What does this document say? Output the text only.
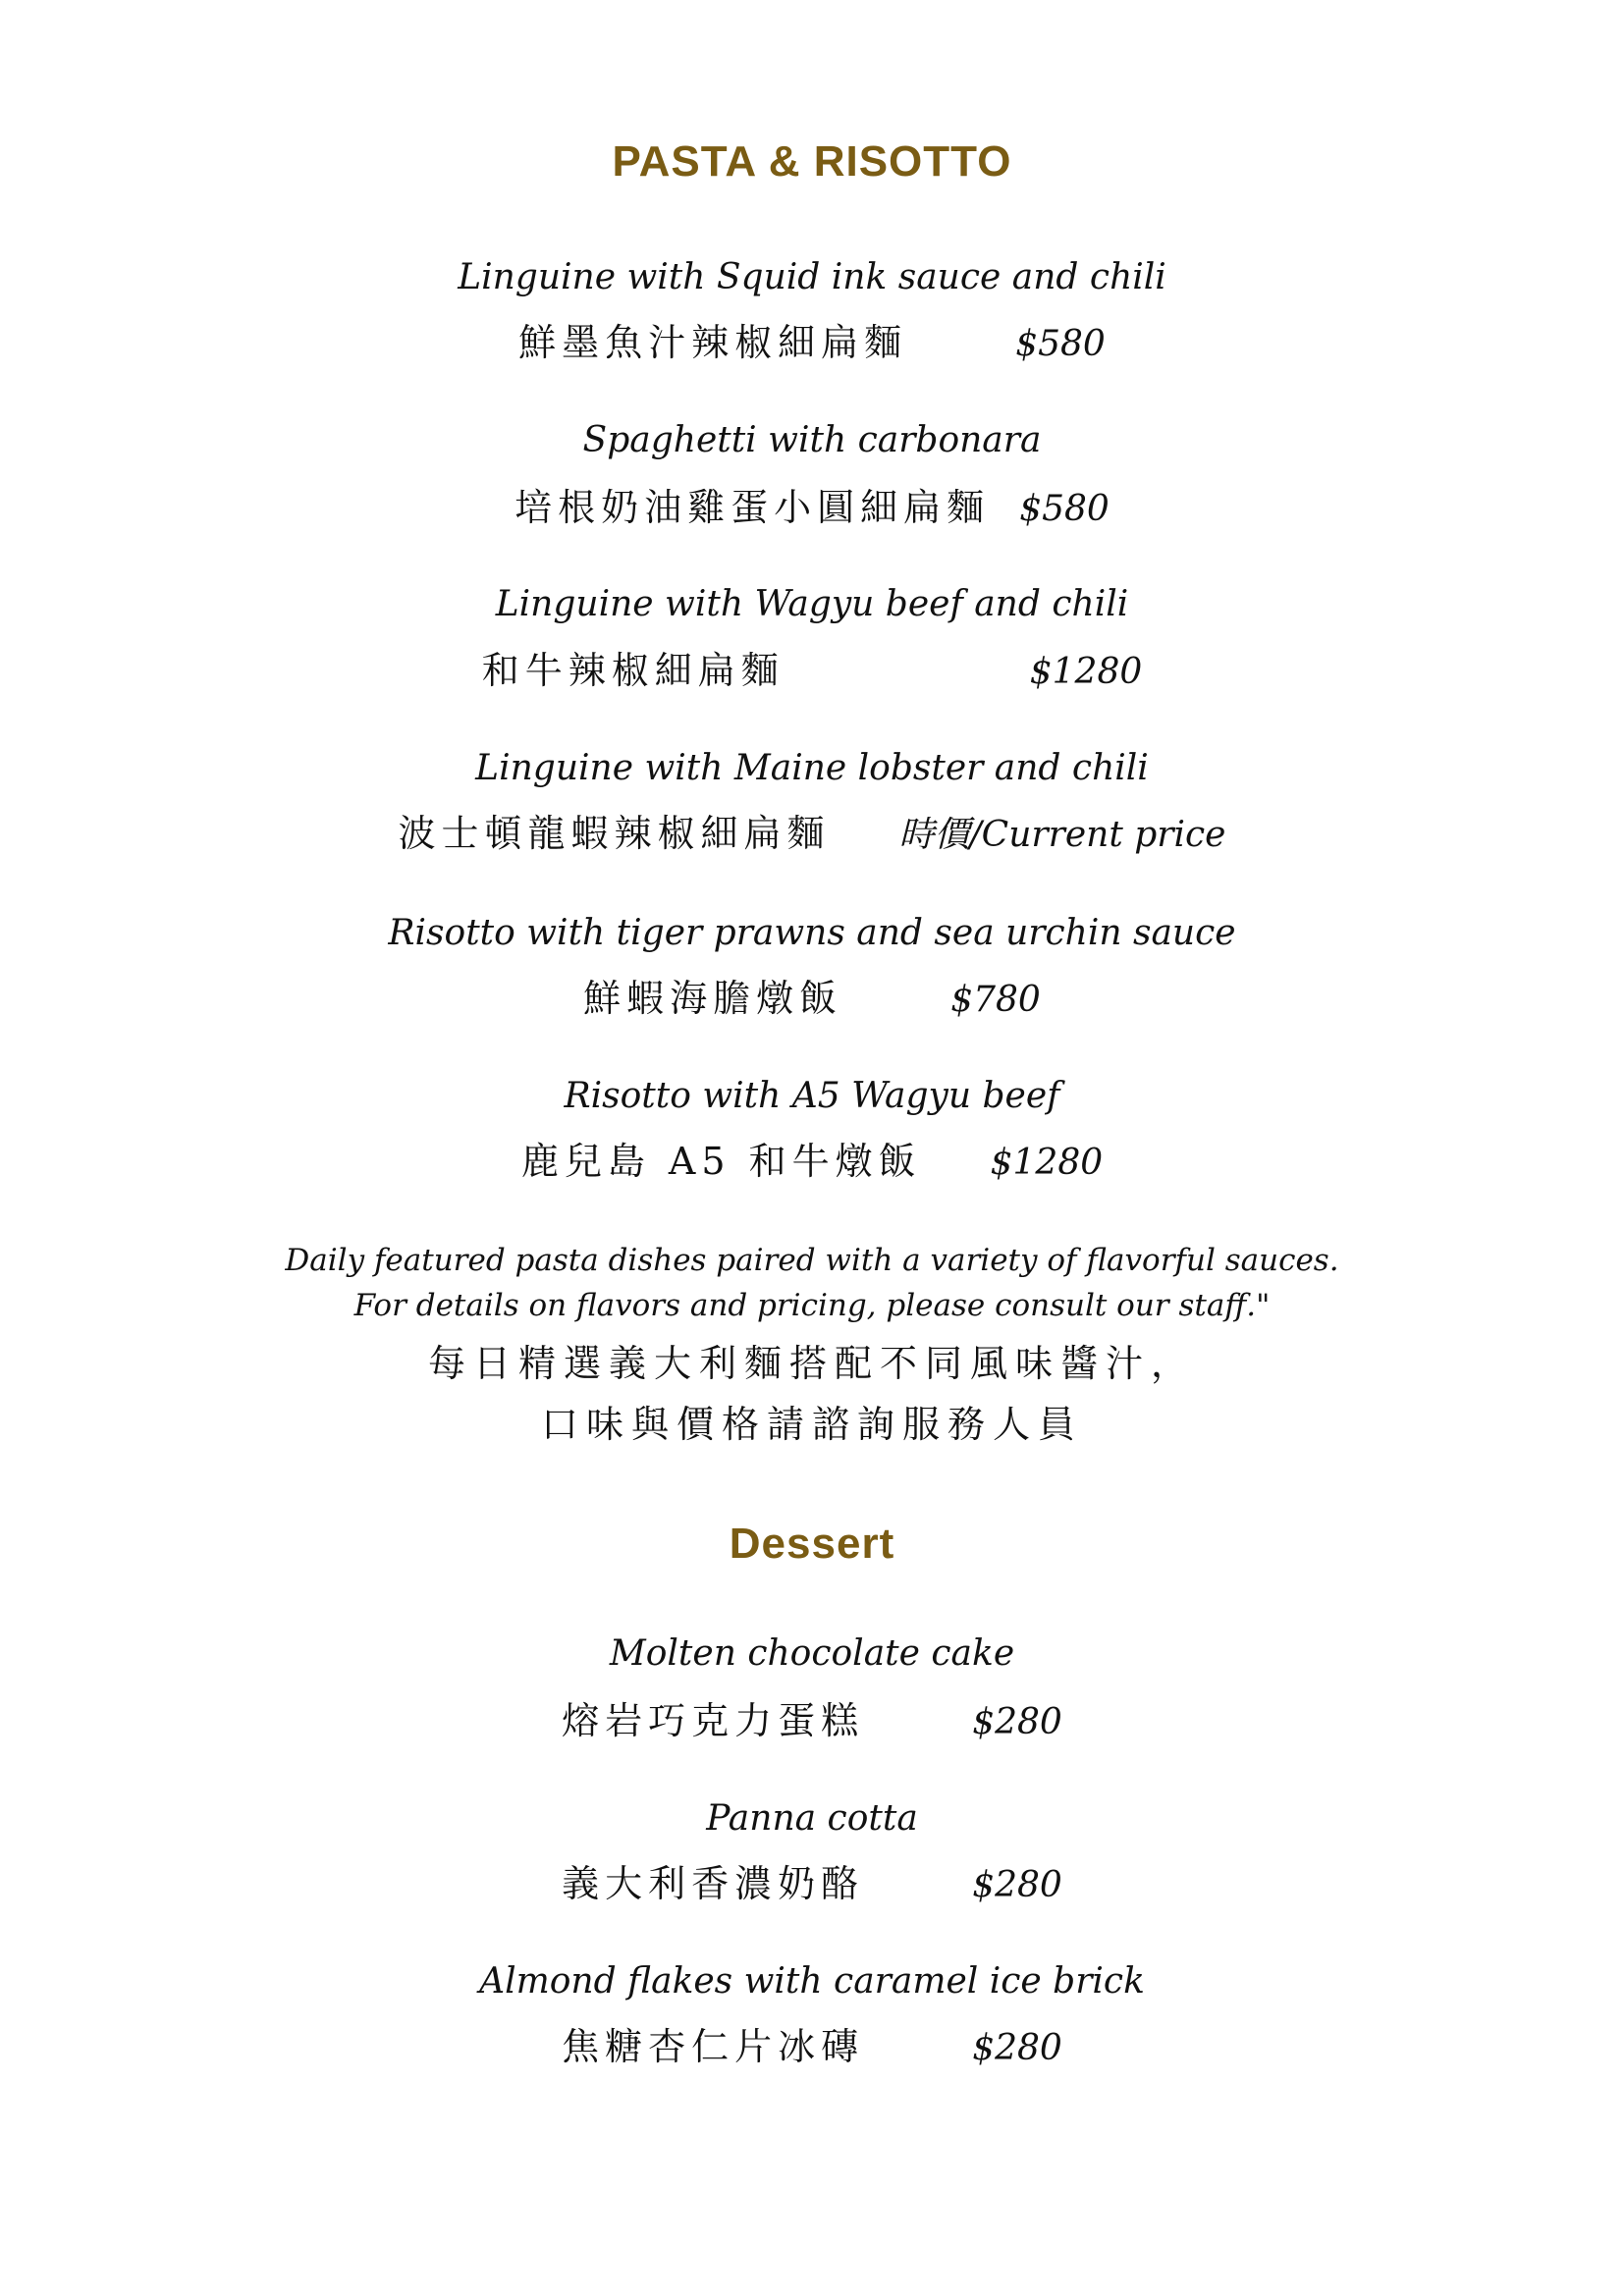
PASTA & RISOTTO
Linguine with Squid ink sauce and chili
鮮墨魚汁辣椒細扁麵	$580
Spaghetti with carbonara
培根奶油雞蛋小圓細扁麵 $580
Linguine with Wagyu beef and chili
和牛辣椒細扁麵	$1280
Linguine with Maine lobster and chili
波士頓龍蝦辣椒細扁麵 時價/Current price
Risotto with tiger prawns and sea urchin sauce
鮮蝦海膽燉飯	$780
Risotto with A5 Wagyu beef
鹿兒島 A5 和牛燉飯 $1280
Daily featured pasta dishes paired with a variety of flavorful sauces.
For details on flavors and pricing, please consult our staff."
每日精選義大利麵搭配不同風味醬汁，
口味與價格請諮詢服務人員
Dessert
Molten chocolate cake
熔岩巧克力蛋糕	$280
Panna cotta
義大利香濃奶酪	$280
Almond flakes with caramel ice brick
焦糖杏仁片冰磚	$280
